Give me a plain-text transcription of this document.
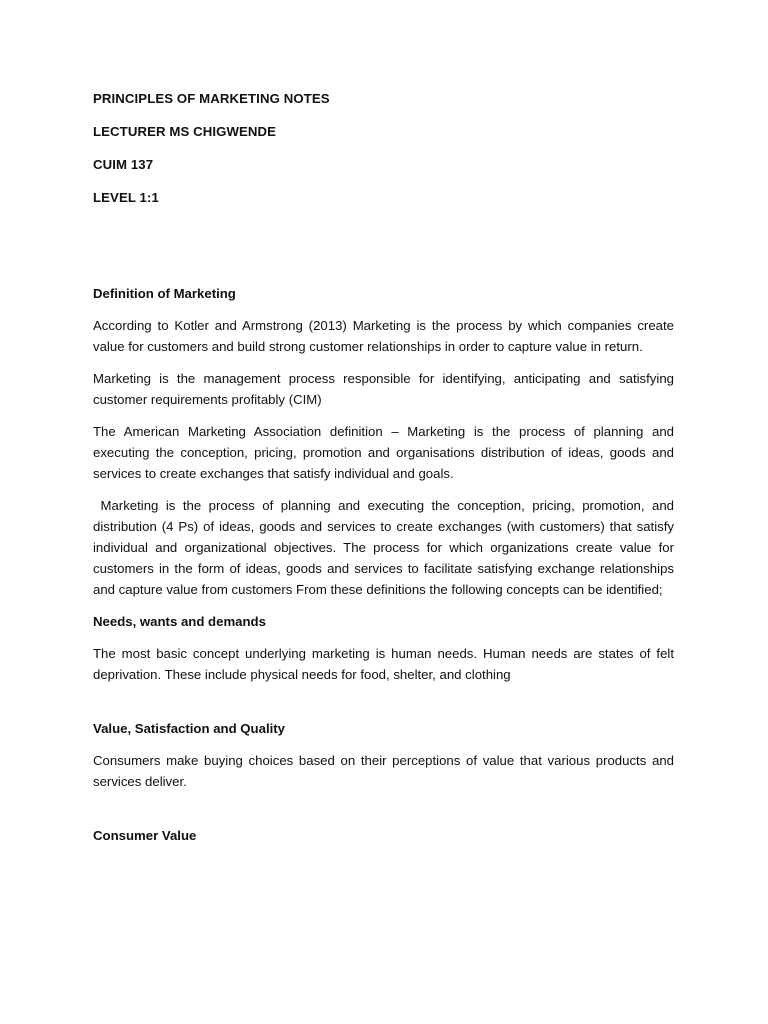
PRINCIPLES OF MARKETING NOTES
LECTURER MS CHIGWENDE
CUIM 137
LEVEL 1:1
Definition of Marketing

According to Kotler and Armstrong (2013) Marketing is the process by which companies create value for customers and build strong customer relationships in order to capture value in return.

Marketing is the management process responsible for identifying, anticipating and satisfying customer requirements profitably (CIM)

The American Marketing Association definition – Marketing is the process of planning and executing the conception, pricing, promotion and organisations distribution of ideas, goods and services to create exchanges that satisfy individual and goals.

Marketing is the process of planning and executing the conception, pricing, promotion, and distribution (4 Ps) of ideas, goods and services to create exchanges (with customers) that satisfy individual and organizational objectives. The process for which organizations create value for customers in the form of ideas, goods and services to facilitate satisfying exchange relationships and capture value from customers From these definitions the following concepts can be identified;

Needs, wants and demands

The most basic concept underlying marketing is human needs. Human needs are states of felt deprivation. These include physical needs for food, shelter, and clothing

Value, Satisfaction and Quality

Consumers make buying choices based on their perceptions of value that various products and services deliver.

Consumer Value
